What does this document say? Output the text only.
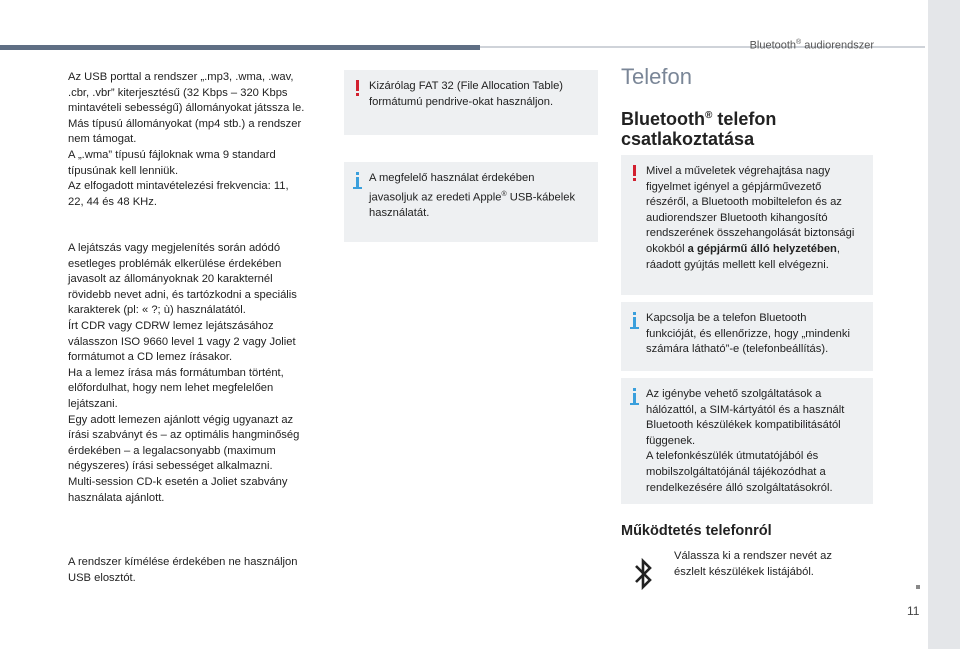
Bluetooth® audiorendszer
11

Az USB porttal a rendszer „.mp3, .wma, .wav,
.cbr, .vbr” kiterjesztésű (32 Kbps – 320 Kbps
mintavételi sebességű) állományokat játssza le.
Más típusú állományokat (mp4 stb.) a rendszer
nem támogat.
A „.wma” típusú fájloknak wma 9 standard
típusúnak kell lenniük.
Az elfogadott mintavételezési frekvencia: 11,
22, 44 és 48 KHz.

A lejátszás vagy megjelenítés során adódó
esetleges problémák elkerülése érdekében
javasolt az állományoknak 20 karakternél
rövidebb nevet adni, és tartózkodni a speciális
karakterek (pl: « ?; ù) használatától.
Írt CDR vagy CDRW lemez lejátszásához
válasszon ISO 9660 level 1 vagy 2 vagy Joliet
formátumot a CD lemez írásakor.
Ha a lemez írása más formátumban történt,
előfordulhat, hogy nem lehet megfelelően
lejátszani.
Egy adott lemezen ajánlott végig ugyanazt az
írási szabványt és – az optimális hangminőség
érdekében – a legalacsonyabb (maximum
négyszeres) írási sebességet alkalmazni.
Multi-session CD-k esetén a Joliet szabvány
használata ajánlott.

A rendszer kímélése érdekében ne használjon
USB elosztót.

Kizárólag FAT 32 (File Allocation Table)
formátumú pendrive-okat használjon.

A megfelelő használat érdekében
javasoljuk az eredeti Apple® USB-kábelek
használatát.

Telefon
Bluetooth® telefon
csatlakoztatása

Mivel a műveletek végrehajtása nagy
figyelmet igényel a gépjárművezető
részéről, a Bluetooth mobiltelefon és az
audiorendszer Bluetooth kihangosító
rendszerének összehangolását biztonsági
okokból a gépjármű álló helyzetében,
ráadott gyújtás mellett kell elvégezni.

Kapcsolja be a telefon Bluetooth
funkcióját, és ellenőrizze, hogy „mindenki
számára látható”-e (telefonbeállítás).

Az igénybe vehető szolgáltatások a
hálózattól, a SIM-kártyától és a használt
Bluetooth készülékek kompatibilitásától
függenek.
A telefonkészülék útmutatójából és
mobilszolgáltatójánál tájékozódhat a
rendelkezésére álló szolgáltatásokról.

Működtetés telefonról

Válassza ki a rendszer nevét az
észlelt készülékek listájából.
